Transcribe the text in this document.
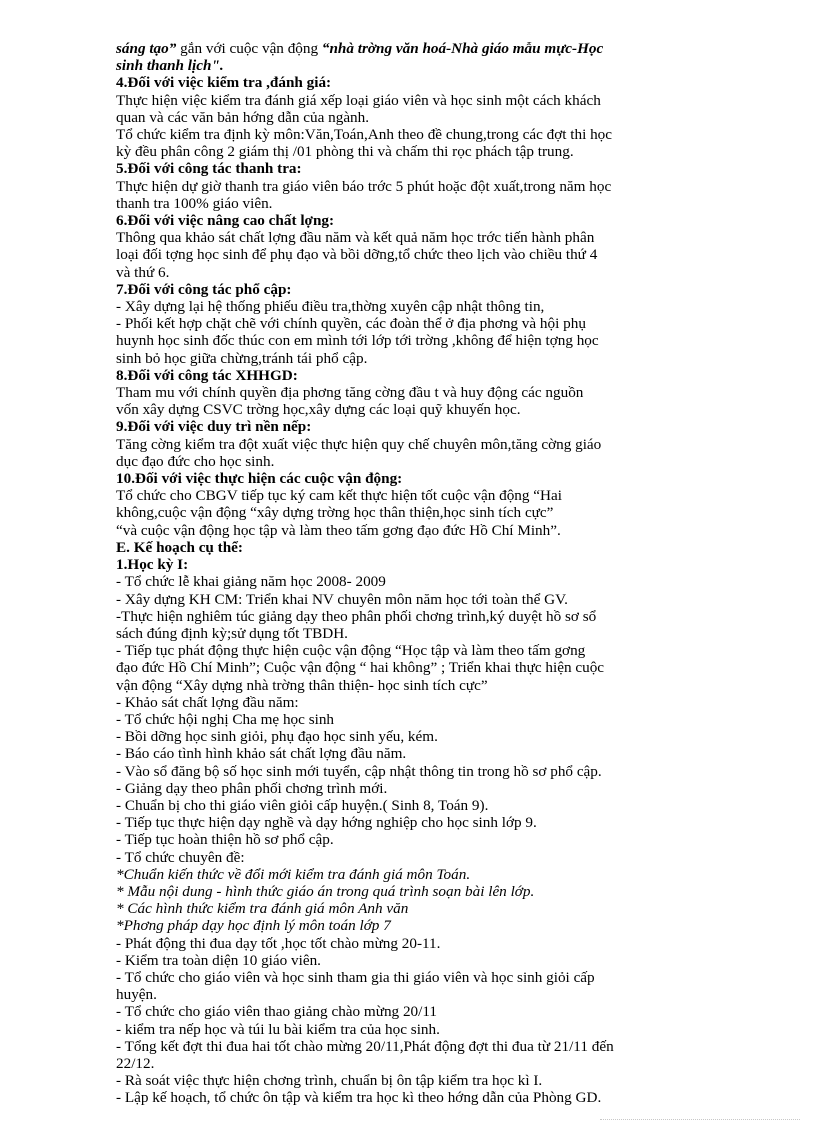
sáng tạo” gắn với cuộc vận động “nhà trờng văn hoá-Nhà giáo mẫu mực-Học
sinh thanh lịch".
4.Đối với việc kiểm tra ,đánh giá:
Thực hiện việc kiểm tra đánh giá xếp loại giáo viên và học sinh một cách khách
quan và các văn bản hớng dẫn của ngành.
Tổ chức kiểm tra định kỳ môn:Văn,Toán,Anh theo đề chung,trong các đợt thi học
kỳ đều phân công 2 giám thị /01 phòng thi và chấm thi rọc phách tập trung.
5.Đối với công tác thanh tra:
Thực hiện dự giờ thanh tra giáo viên báo trớc 5 phút hoặc đột xuất,trong năm học
thanh tra 100% giáo viên.
6.Đối với việc nâng cao chất lợng:
Thông qua khảo sát chất lợng đầu năm và kết quả năm học trớc tiến hành phân
loại đối tợng học sinh để phụ đạo và bồi dỡng,tổ chức theo lịch vào chiều thứ 4
và thứ 6.
7.Đối với công tác phổ cập:
- Xây dựng lại hệ thống phiếu điều tra,thờng xuyên cập nhật thông tin,
- Phối kết hợp chặt chẽ với chính quyền, các đoàn thể ở địa phơng và hội phụ
huynh học sinh đốc thúc con em mình tới lớp tới trờng ,không để hiện tợng học
sinh bỏ học giữa chừng,tránh tái phổ cập.
8.Đối với công tác XHHGD:
Tham mu với chính quyền địa phơng tăng cờng đầu t và huy động các nguồn
vốn xây dựng CSVC trờng học,xây dựng các loại quỹ khuyến học.
9.Đối với việc duy trì nền nếp:
Tăng cờng kiểm tra đột xuất việc thực hiện quy chế chuyên môn,tăng cờng giáo
dục đạo đức cho học sinh.
10.Đối với việc thực hiện các cuộc vận động:
Tổ chức cho CBGV tiếp tục ký cam kết thực hiện tốt cuộc vận động “Hai
không,cuộc vận động “xây dựng trờng học thân thiện,học sinh tích cực”
“và cuộc vận động học tập và làm theo tấm gơng đạo đức Hồ Chí Minh”.
E. Kế hoạch cụ thể:
1.Học kỳ I:
- Tổ chức lễ khai giảng năm học 2008- 2009
- Xây dựng KH CM: Triển khai NV chuyên môn năm học tới toàn thể GV.
-Thực hiện nghiêm túc giảng dạy theo phân phối chơng trình,ký duyệt hồ sơ sổ
sách đúng định kỳ;sử dụng tốt TBDH.
- Tiếp tục phát động thực hiện cuộc vận động “Học tập và làm theo tấm gơng
đạo đức Hồ Chí Minh”; Cuộc vận động “ hai không” ; Triển khai thực hiện cuộc
vận động “Xây dựng nhà trờng thân thiện- học sinh tích cực”
- Khảo sát chất lợng đầu năm:
- Tổ chức hội nghị Cha mẹ học sinh
- Bồi dỡng học sinh giỏi, phụ đạo học sinh yếu, kém.
- Báo cáo tình hình khảo sát chất lợng đầu năm.
- Vào sổ đăng bộ số học sinh mới tuyển, cập nhật thông tin trong hồ sơ phổ cập.
- Giảng dạy theo phân phối chơng trình mới.
- Chuẩn bị cho thi giáo viên giỏi cấp huyện.( Sinh 8, Toán 9).
- Tiếp tục thực hiện dạy nghề và dạy hớng nghiệp cho học sinh lớp 9.
- Tiếp tục hoàn thiện hồ sơ phổ cập.
- Tổ chức chuyên đề:
*Chuẩn kiến thức về đổi mới kiểm tra đánh giá môn Toán.
* Mẫu nội dung - hình thức giáo án trong quá trình soạn bài lên lớp.
* Các hình thức kiểm tra đánh giá môn Anh văn
*Phơng pháp dạy học định lý môn toán lớp 7
- Phát động thi đua dạy tốt ,học tốt chào mừng 20-11.
- Kiểm tra toàn diện 10 giáo viên.
- Tổ chức cho giáo viên và học sinh tham gia thi giáo viên và học sinh giỏi cấp
huyện.
- Tổ chức cho giáo viên thao giảng chào mừng 20/11
- kiểm tra nếp học và túi lu bài kiểm tra của học sinh.
- Tổng kết đợt thi đua hai tốt chào mừng 20/11,Phát động đợt thi đua từ 21/11 đến
22/12.
- Rà soát việc thực hiện chơng trình, chuẩn bị ôn tập kiểm tra học kì I.
- Lập kế hoạch, tổ chức ôn tập và kiểm tra học kì theo hớng dẫn của Phòng GD.
